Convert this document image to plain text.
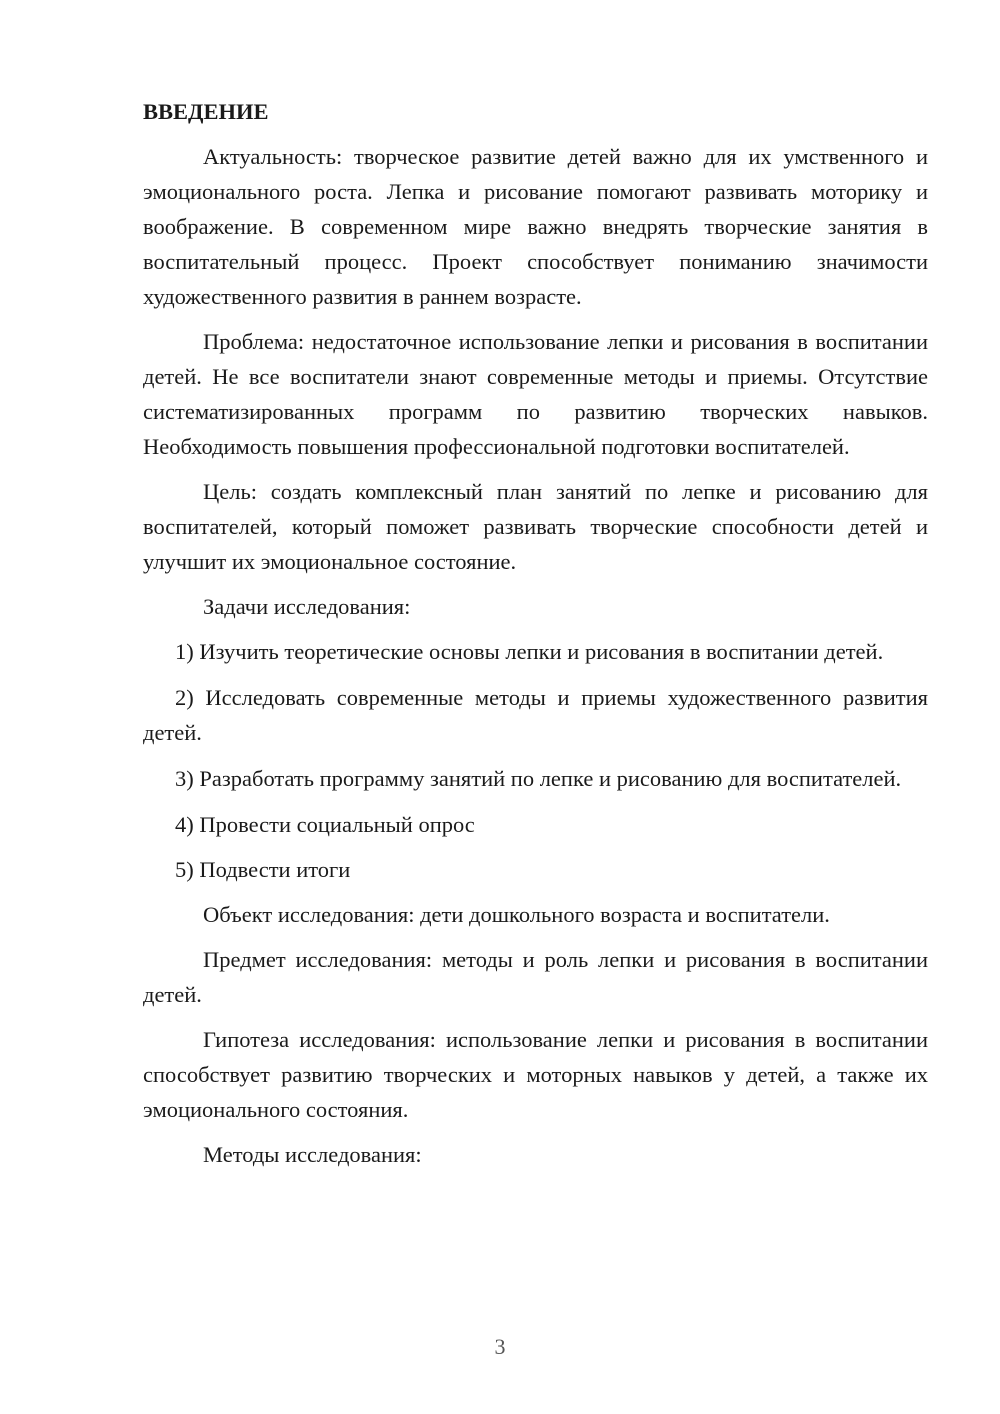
ВВЕДЕНИЕ

Актуальность: творческое развитие детей важно для их умственного и эмоционального роста. Лепка и рисование помогают развивать моторику и воображение. В современном мире важно внедрять творческие занятия в воспитательный процесс. Проект способствует пониманию значимости художественного развития в раннем возрасте.

Проблема: недостаточное использование лепки и рисования в воспитании детей. Не все воспитатели знают современные методы и приемы. Отсутствие систематизированных программ по развитию творческих навыков. Необходимость повышения профессиональной подготовки воспитателей.

Цель: создать комплексный план занятий по лепке и рисованию для воспитателей, который поможет развивать творческие способности детей и улучшит их эмоциональное состояние.

Задачи исследования:

1) Изучить теоретические основы лепки и рисования в воспитании детей.

2) Исследовать современные методы и приемы художественного развития детей.

3) Разработать программу занятий по лепке и рисованию для воспитателей.

4) Провести социальный опрос

5) Подвести итоги

Объект исследования: дети дошкольного возраста и воспитатели.

Предмет исследования: методы и роль лепки и рисования в воспитании детей.

Гипотеза исследования: использование лепки и рисования в воспитании способствует развитию творческих и моторных навыков у детей, а также их эмоционального состояния.

Методы исследования:

3
